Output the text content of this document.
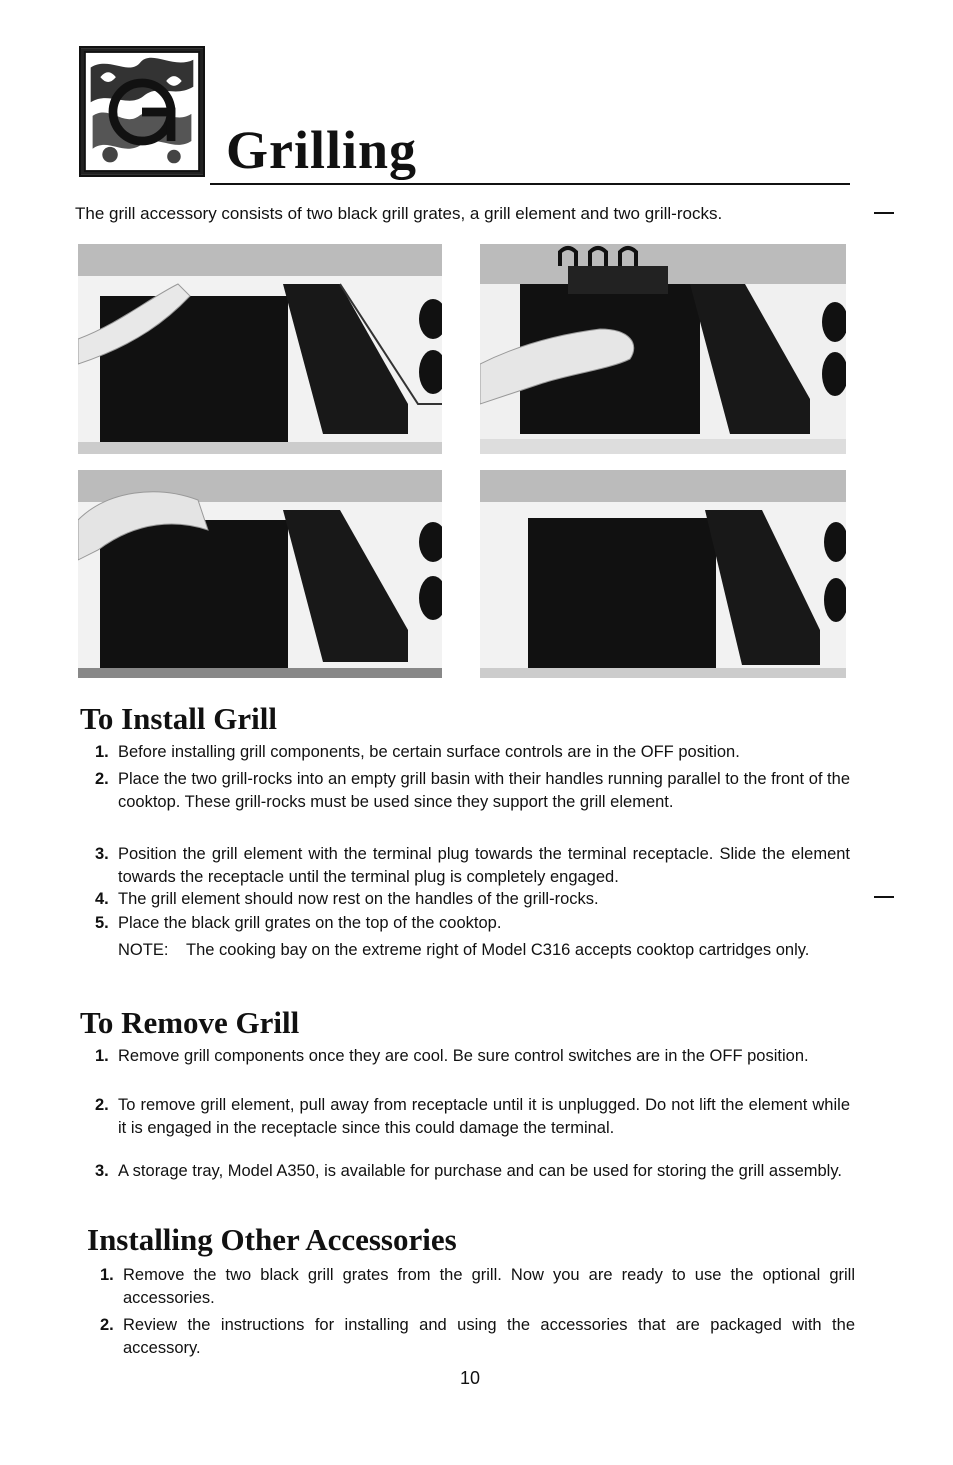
Grilling
The grill accessory consists of two black grill grates, a grill element and two grill-rocks.
To Install Grill
1. Before installing grill components, be certain surface controls are in the OFF position.
2. Place the two grill-rocks into an empty grill basin with their handles running parallel to the front of the cooktop. These grill-rocks must be used since they support the grill element.
3. Position the grill element with the terminal plug towards the terminal receptacle. Slide the element towards the receptacle until the terminal plug is completely engaged.
4. The grill element should now rest on the handles of the grill-rocks.
5. Place the black grill grates on the top of the cooktop.
NOTE: The cooking bay on the extreme right of Model C316 accepts cooktop cartridges only.
To Remove Grill
1. Remove grill components once they are cool. Be sure control switches are in the OFF position.
2. To remove grill element, pull away from receptacle until it is unplugged. Do not lift the element while it is engaged in the receptacle since this could damage the terminal.
3. A storage tray, Model A350, is available for purchase and can be used for storing the grill assembly.
Installing Other Accessories
1. Remove the two black grill grates from the grill. Now you are ready to use the optional grill accessories.
2. Review the instructions for installing and using the accessories that are packaged with the accessory.
10
